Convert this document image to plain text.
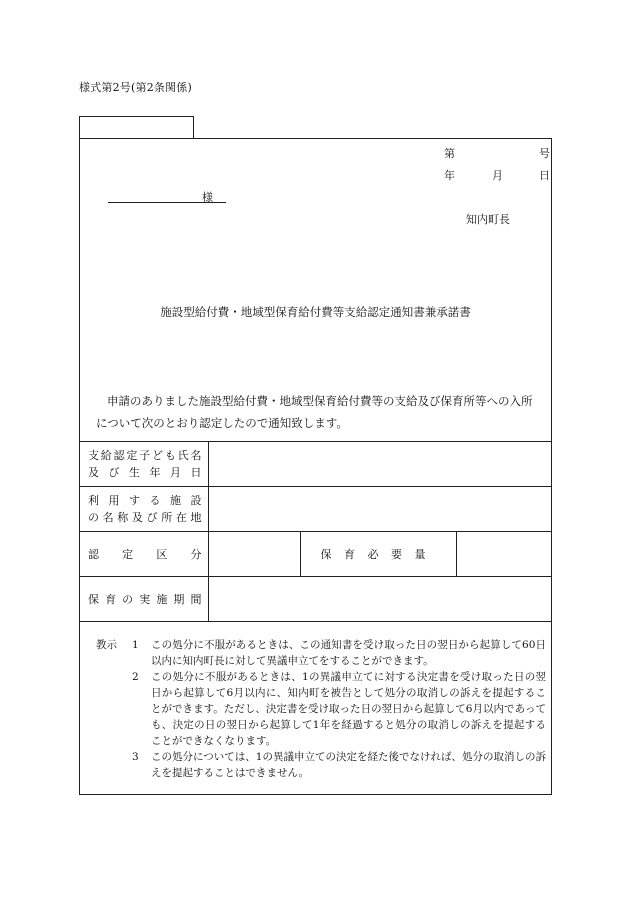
様式第2号(第2条関係)
第	号
年	月	日
様
知内町長
施設型給付費・地域型保育給付費等支給認定通知書兼承諾書

申請のありました施設型給付費・地域型保育給付費等の支給及び保育所等への入所

について次のとおり認定したので通知致します。

支給認定子ども氏名
及び生年月日			

利用する施設
の名称及び所在地			

認定区分		保育必要量	

保育の実施期間			

教示 1	この処分に不服があるときは、この通知書を受け取った日の翌日から起算して60日以内に知内町長に対して異議申立てをすることができます。
2	この処分に不服があるときは、1の異議申立てに対する決定書を受け取った日の翌日から起算して6月以内に、知内町を被告として処分の取消しの訴えを提起することができます。ただし、決定書を受け取った日の翌日から起算して6月以内であっても、決定の日の翌日から起算して1年を経過すると処分の取消しの訴えを提起することができなくなります。
3	この処分については、1の異議申立ての決定を経た後でなければ、処分の取消しの訴えを提起することはできません。
